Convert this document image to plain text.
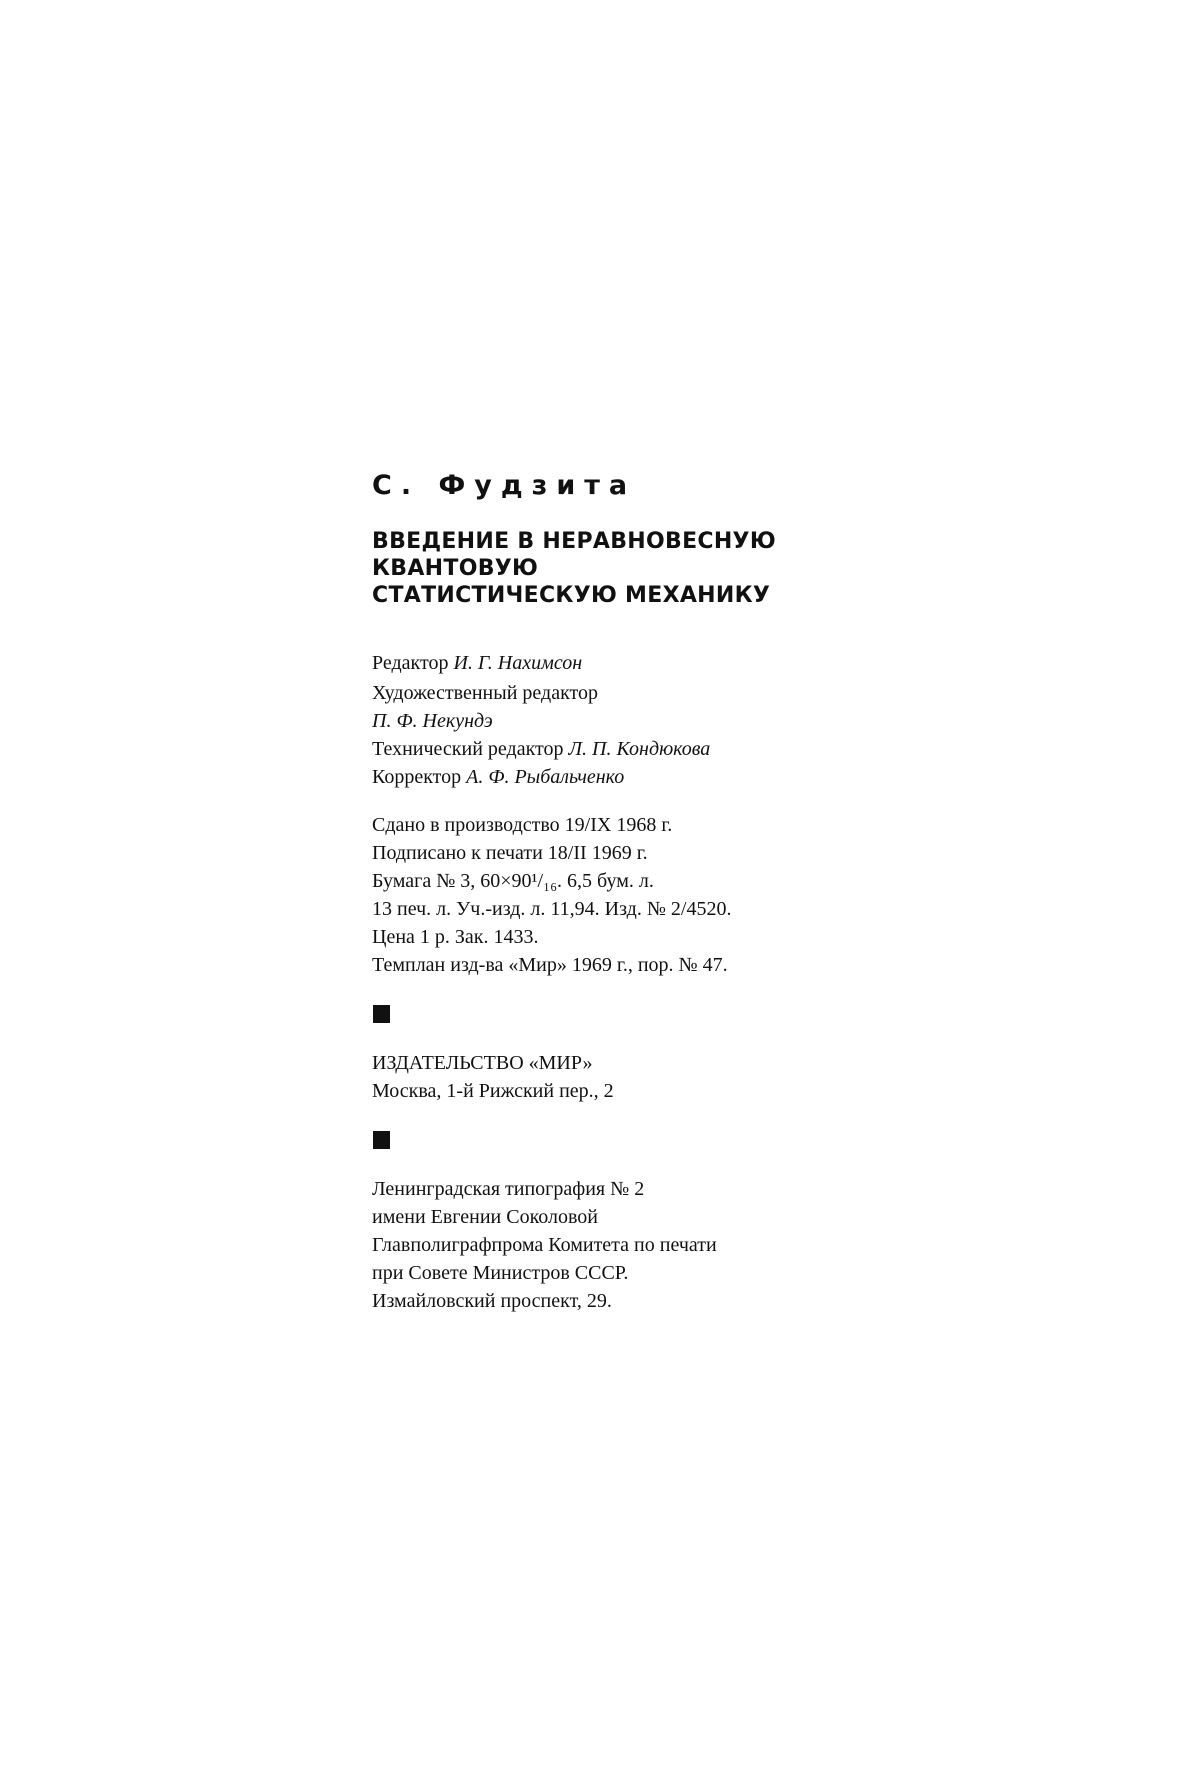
С. Фудзита
ВВЕДЕНИЕ В НЕРАВНОВЕСНУЮ
КВАНТОВУЮ
СТАТИСТИЧЕСКУЮ МЕХАНИКУ
Редактор И. Г. Нахимсон
Художественный редактор
П. Ф. Некундэ
Технический редактор Л. П. Кондюкова
Корректор А. Ф. Рыбальченко
Сдано в производство 19/IX 1968 г.
Подписано к печати 18/II 1969 г.
Бумага № 3, 60×90¹/₁₆. 6,5 бум. л.
13 печ. л. Уч.-изд. л. 11,94. Изд. № 2/4520.
Цена 1 р. Зак. 1433.
Темплан изд-ва «Мир» 1969 г., пор. № 47.
ИЗДАТЕЛЬСТВО «МИР»
Москва, 1-й Рижский пер., 2
Ленинградская типография № 2
имени Евгении Соколовой
Главполиграфпрома Комитета по печати
при Совете Министров СССР.
Измайловский проспект, 29.
